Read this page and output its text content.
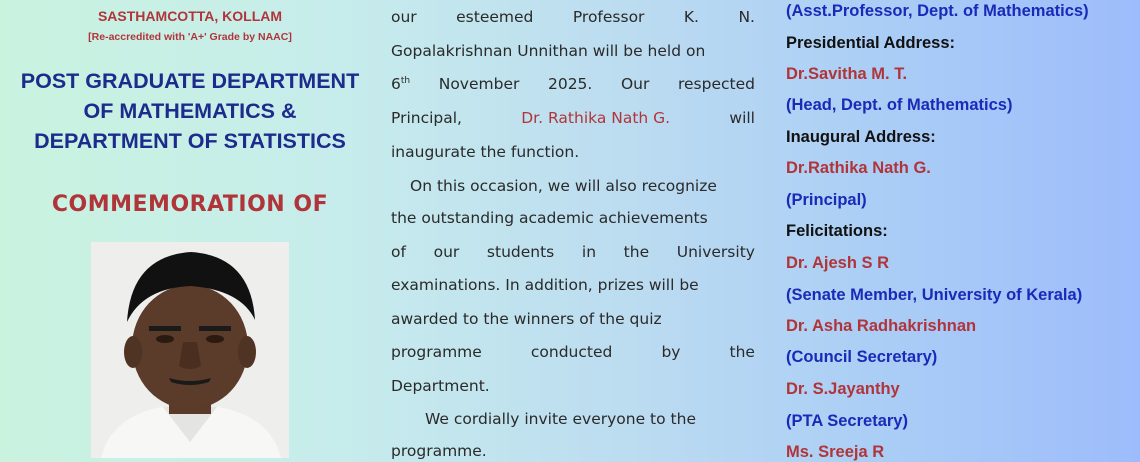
SASTHAMCOTTA, KOLLAM
[Re-accredited with 'A+' Grade by NAAC]
POST GRADUATE DEPARTMENT
OF MATHEMATICS &
DEPARTMENT OF STATISTICS
COMMEMORATION OF
our	esteemed	Professor	K.	N.
Gopalakrishnan Unnithan will be held on
6th November 2025. Our respected
Principal,	Dr. Rathika Nath G.	will
inaugurate the function.
On this occasion, we will also recognize
the outstanding academic achievements
of our students in the University
examinations. In addition, prizes will be
awarded to the winners of the quiz
programme	conducted	by	the
Department.
We cordially invite everyone to the
programme.
(Asst.Professor, Dept. of Mathematics)
Presidential Address:
Dr.Savitha M. T.
(Head, Dept. of Mathematics)
Inaugural Address:
Dr.Rathika Nath G.
(Principal)
Felicitations:
Dr. Ajesh S R
(Senate Member, University of Kerala)
Dr. Asha Radhakrishnan
(Council Secretary)
Dr. S.Jayanthy
(PTA Secretary)
Ms. Sreeja R
